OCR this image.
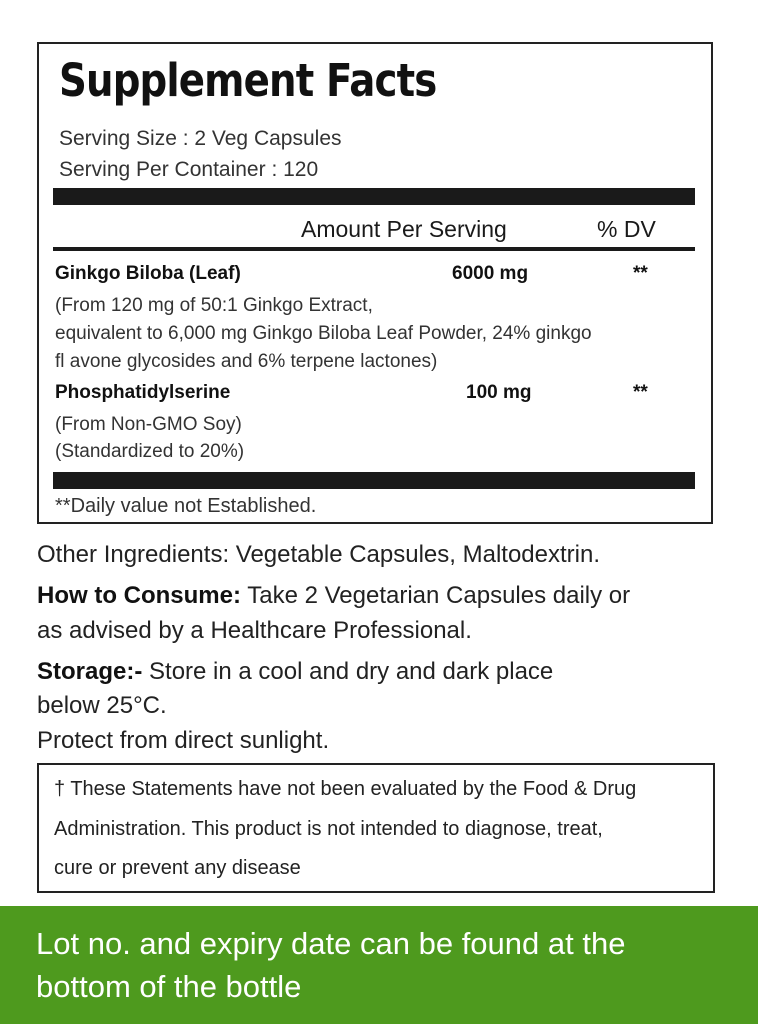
Supplement Facts
Serving Size : 2 Veg Capsules
Serving Per Container : 120
Amount Per Serving	% DV
Ginkgo Biloba (Leaf)	6000 mg	**
(From 120 mg of 50:1 Ginkgo Extract,
equivalent to 6,000 mg Ginkgo Biloba Leaf Powder, 24% ginkgo
fl avone glycosides and 6% terpene lactones)
Phosphatidylserine	100 mg	**
(From Non-GMO Soy)
(Standardized to 20%)
**Daily value not Established.
Other Ingredients: Vegetable Capsules, Maltodextrin.
How to Consume: Take 2 Vegetarian Capsules daily or
as advised by a Healthcare Professional.
Storage:- Store in a cool and dry and dark place
below 25°C.
Protect from direct sunlight.
† These Statements have not been evaluated by the Food & Drug
Administration. This product is not intended to diagnose, treat,
cure or prevent any disease
Lot no. and expiry date can be found at the
bottom of the bottle
